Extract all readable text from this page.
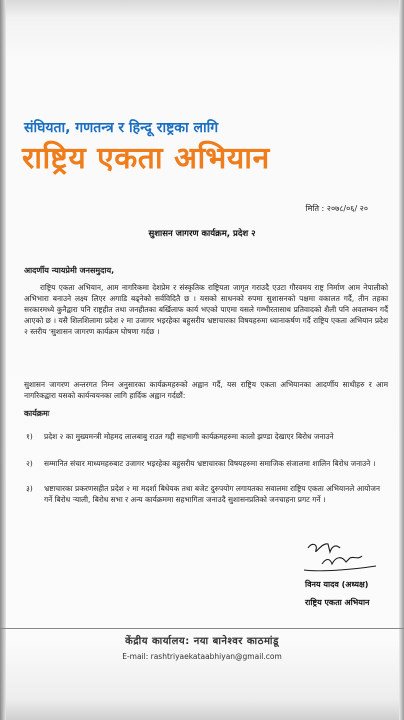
संघियता, गणतन्त्र र हिन्दू राष्ट्रका लागि
राष्ट्रिय एकता अभियान
मिति : २०७८/०६/ २०
सुशासन जागरण कार्यक्रम, प्रदेश २
आदर्णीय न्यायप्रेमी जनसमुदाय,
राष्ट्रिय एकता अभियान, आम नागरिकमा देशप्रेम र संस्कृतिक राष्ट्रियता जागृत गराउदै एउटा गौरवमय राष्ट्र निर्माण आम नेपालीको अभिभारा बनाउने लक्ष्य लिएर अगाडि बढ्नेको सर्वविदितै छ । यसको साधनको रुपमा सुशासनको पक्षमा वकालत गर्दै, तीन तहका सरकारमध्ये कुनैद्वारा पनि राष्ट्रहीत तथा जनहीतका बर्खिलाफ कार्य भएको पाएमा यसले गम्भीरतासाथ प्रतिवादको शैली पनि अवलम्बन गर्दै आएको छ । यसै शिलशिलामा प्रदेश २ मा उजागर भइरहेका बहुसरीय भ्रष्टाचारका विषयहरुमा ध्यानाकर्षण गर्दै राष्ट्रिय एकता अभियान प्रदेश २ स्तरीय 'सुशासन जागरण कार्यक्रम घोषणा गर्दछ ।
सुशासन जागरण अन्तरगत निम्न अनुसारका कार्यक्रमहरुको अह्वान गर्दै, यस राष्ट्रिय एकता अभियानका आदर्णीय साथीहरु र आम नागरिकद्वारा यसको कार्यन्वयनका लागि हार्दिक अह्वान गर्दछौं:
कार्यक्रमः
१) प्रदेश २ का मुख्यमन्त्री मोहमद लालबाबु राउत गद्दी सहभागी कार्यक्रमहरुमा कालो झण्डा देखाएर बिरोध जनाउने
२) सम्मानित संचार माध्यमहरुबाट उजागर भइरहेका बहुसरीय भ्रष्टाचारका विषयहरुमा समाजिक संजालमा शालिन बिरोध जनाउने ।
३) भ्रष्टाचारका प्रकरणसहीत प्रदेश २ मा मदर्शा बिधेयक तथा बजेट दुरुपयोग लगायतका सवालमा राष्ट्रिय एकता अभियानले आयोजन गर्ने बिरोध र्‍याली, बिरोध सभा र अन्य कार्यक्रममा सहभागिता जनाउदै सुशासनप्रतिको जनचाहना प्रगट गर्ने ।
विनय यादव (अध्यक्ष)
राष्ट्रिय एकता अभियान
केंद्रीय कार्यालय: नया बानेश्वर काठमांडू
E-mail: rashtriyaekataabhiyan@gmail.com
